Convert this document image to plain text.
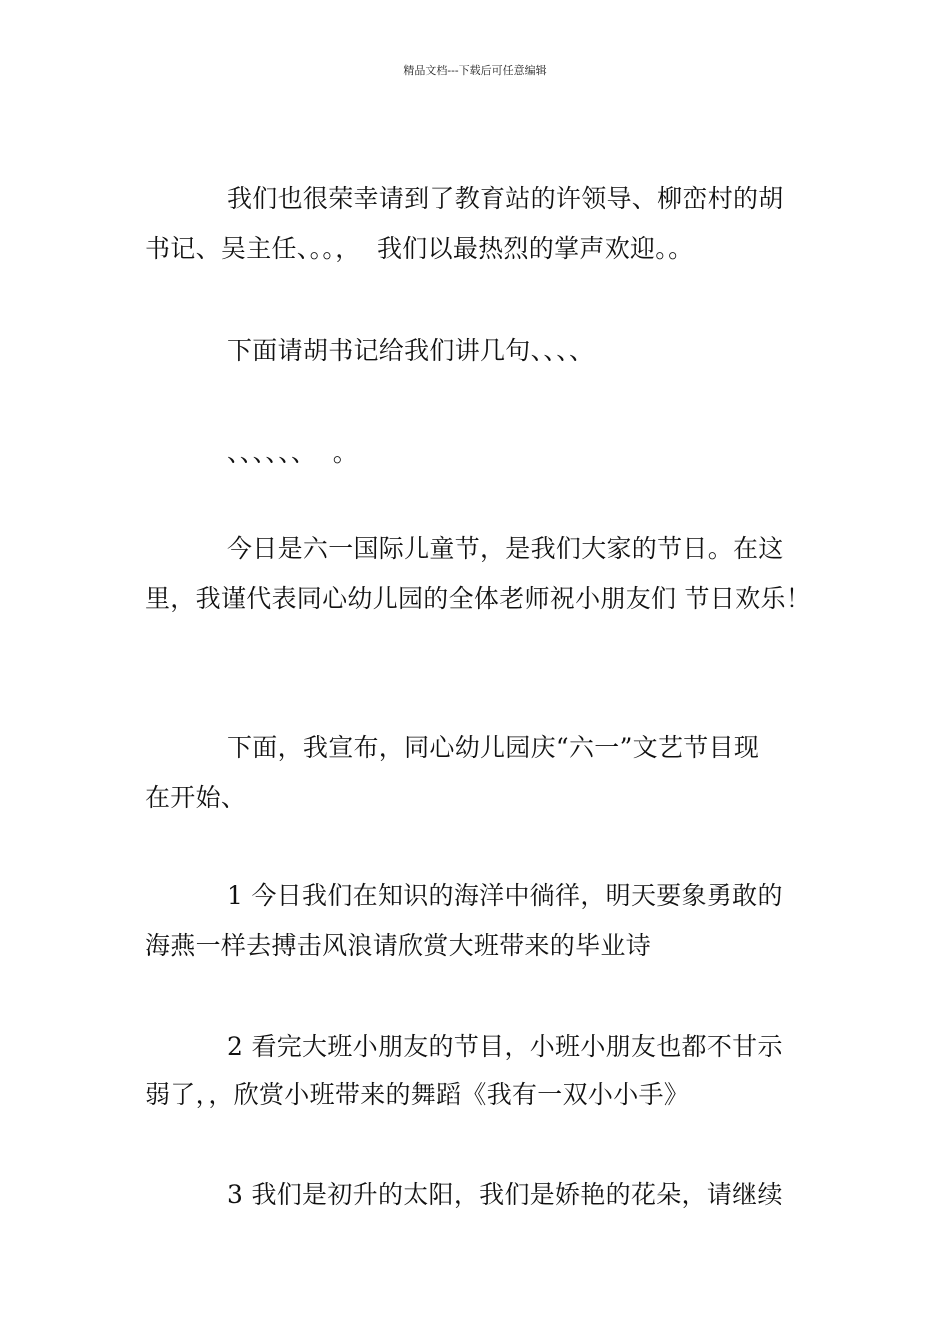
精品文档---下载后可任意编辑
我们也很荣幸请到了教育站的许领导、柳峦村的胡
书记、吴主任、。。，  我们以最热烈的掌声欢迎。。
下面请胡书记给我们讲几句、、、、
、、、、、、  。
今日是六一国际儿童节，是我们大家的节日。在这
里，我谨代表同心幼儿园的全体老师祝小朋友们 节日欢乐！
下面，我宣布，同心幼儿园庆“六一”文艺节目现
在开始、
1 今日我们在知识的海洋中徜徉，明天要象勇敢的
海燕一样去搏击风浪请欣赏大班带来的毕业诗
2 看完大班小朋友的节目，小班小朋友也都不甘示
弱了，，欣赏小班带来的舞蹈《我有一双小小手》
3 我们是初升的太阳，我们是娇艳的花朵，请继续
